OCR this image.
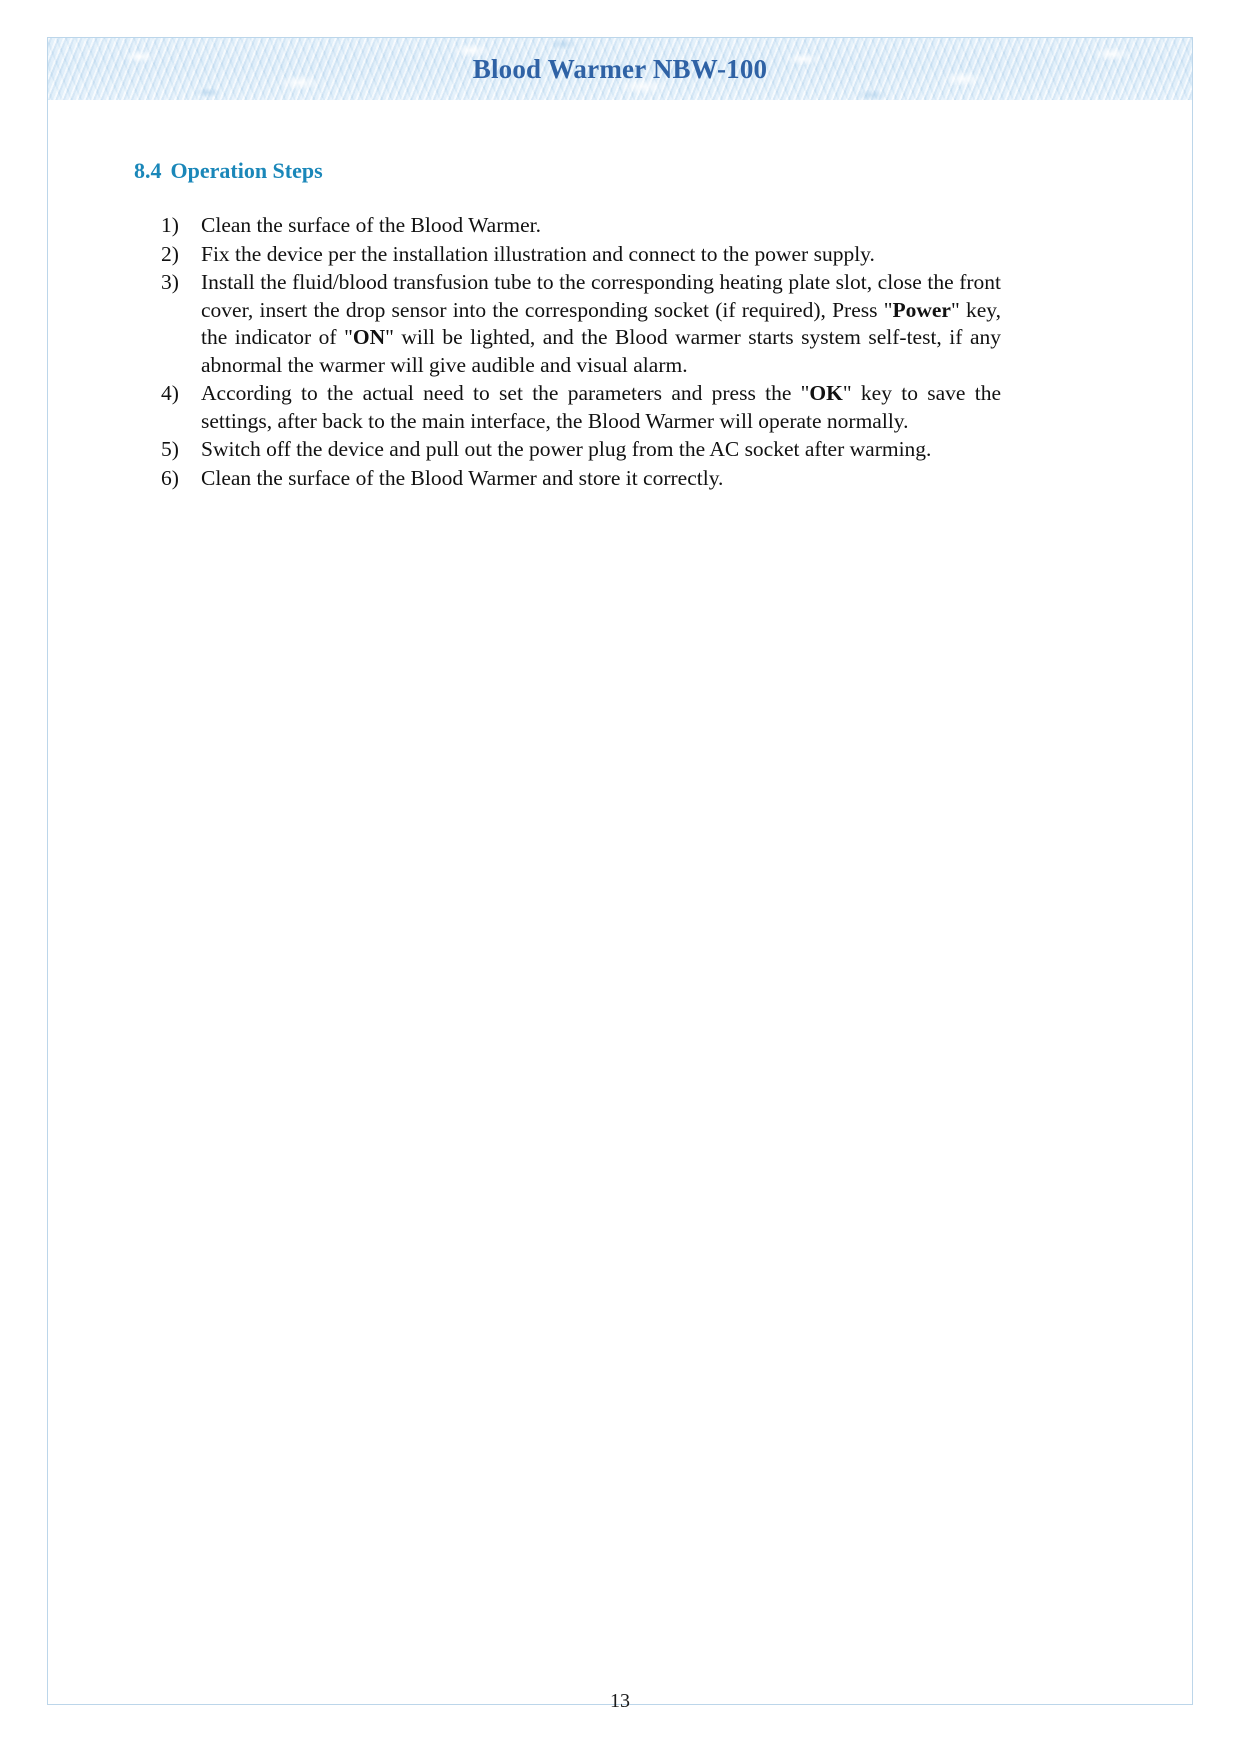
Blood Warmer NBW-100
8.4 Operation Steps
1)	Clean the surface of the Blood Warmer.
2)	Fix the device per the installation illustration and connect to the power supply.
3)	Install the fluid/blood transfusion tube to the corresponding heating plate slot, close the front cover, insert the drop sensor into the corresponding socket (if required), Press "Power" key, the indicator of "ON" will be lighted, and the Blood warmer starts system self-test, if any abnormal the warmer will give audible and visual alarm.
4)	According to the actual need to set the parameters and press the "OK" key to save the settings, after back to the main interface, the Blood Warmer will operate normally.
5)	Switch off the device and pull out the power plug from the AC socket after warming.
6)	Clean the surface of the Blood Warmer and store it correctly.
13
